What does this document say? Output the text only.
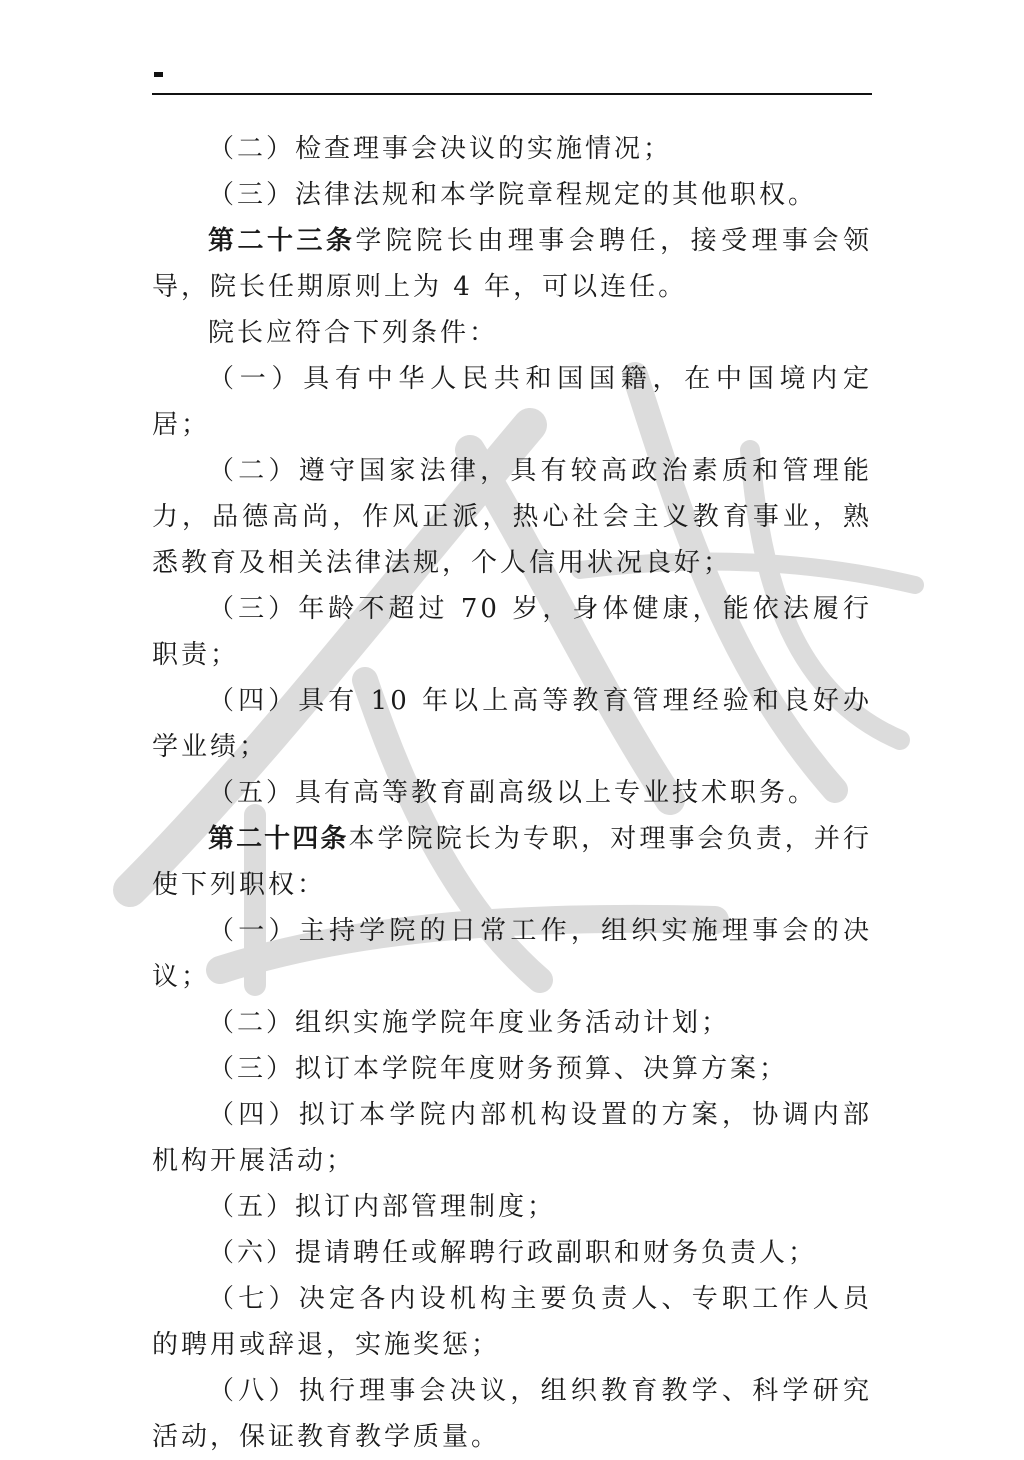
（二）检查理事会决议的实施情况；

（三）法律法规和本学院章程规定的其他职权。

第二十三条学院院长由理事会聘任，接受理事会领导，院长任期原则上为 4 年，可以连任。

院长应符合下列条件：

（一）具有中华人民共和国国籍，在中国境内定居；

（二）遵守国家法律，具有较高政治素质和管理能力，品德高尚，作风正派，热心社会主义教育事业，熟悉教育及相关法律法规，个人信用状况良好；

（三）年龄不超过 70 岁，身体健康，能依法履行职责；

（四）具有 10 年以上高等教育管理经验和良好办学业绩；

（五）具有高等教育副高级以上专业技术职务。

第二十四条本学院院长为专职，对理事会负责，并行使下列职权：

（一）主持学院的日常工作，组织实施理事会的决议；

（二）组织实施学院年度业务活动计划；

（三）拟订本学院年度财务预算、决算方案；

（四）拟订本学院内部机构设置的方案，协调内部机构开展活动；

（五）拟订内部管理制度；

（六）提请聘任或解聘行政副职和财务负责人；

（七）决定各内设机构主要负责人、专职工作人员的聘用或辞退，实施奖惩；

（八）执行理事会决议，组织教育教学、科学研究活动，保证教育教学质量。
